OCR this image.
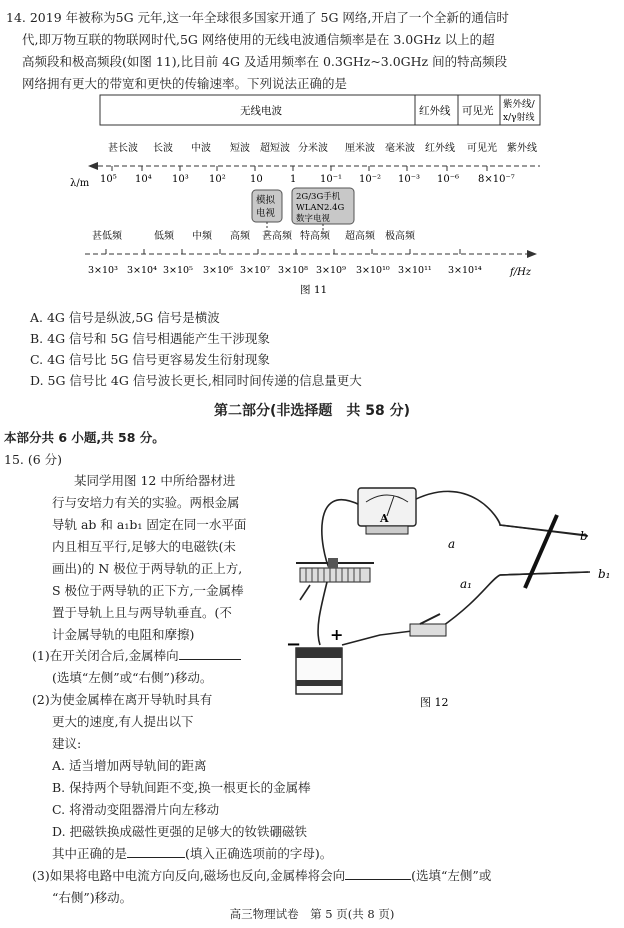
14. 2019 年被称为5G 元年,这一年全球很多国家开通了 5G 网络,开启了一个全新的通信时
代,即万物互联的物联网时代,5G 网络使用的无线电波通信频率是在 3.0GHz 以上的超
高频段和极高频段(如图 11),比目前 4G 及适用频率在 0.3GHz~3.0GHz 间的特高频段
网络拥有更大的带宽和更快的传输速率。下列说法正确的是
无线电波	红外线 可见光
紫外线/
x/γ射线
甚长波 长波 中波 短波 超短波 分米波 厘米波 毫米波 红外线 可见光 紫外线
λ/m 10⁵ 10⁴ 10³ 10² 10	1 10⁻¹ 10⁻² 10⁻³ 10⁻⁶ 8×10⁻⁷
模拟
电视
2G/3G手机
WLAN2.4G
数字电视
甚低频	低频 中频 高频 甚高频 特高频 超高频 极高频
3×10³ 3×10⁴ 3×10⁵ 3×10⁶ 3×10⁷ 3×10⁸ 3×10⁹ 3×10¹⁰ 3×10¹¹ 3×10¹⁴	f/Hz
图 11
A. 4G 信号是纵波,5G 信号是横波
B. 4G 信号和 5G 信号相遇能产生干涉现象
C. 4G 信号比 5G 信号更容易发生衍射现象
D. 5G 信号比 4G 信号波长更长,相同时间传递的信息量更大
第二部分(非选择题　共 58 分)
本部分共 6 小题,共 58 分。
15. (6 分)
某同学用图 12 中所给器材进
行与安培力有关的实验。两根金属
导轨 ab 和 a₁b₁ 固定在同一水平面
内且相互平行,足够大的电磁铁(未
画出)的 N 极位于两导轨的正上方,
S 极位于两导轨的正下方,一金属棒
置于导轨上且与两导轨垂直。(不
计金属导轨的电阻和摩擦)
(1)在开关闭合后,金属棒向
(选填“左侧”或“右侧”)移动。
(2)为使金属棒在离开导轨时具有
更大的速度,有人提出以下
建议:
A. 适当增加两导轨间的距离
B. 保持两个导轨间距不变,换一根更长的金属棒
C. 将滑动变阻器滑片向左移动
D. 把磁铁换成磁性更强的足够大的钕铁硼磁铁
其中正确的是	(填入正确选项前的字母)。
(3)如果将电路中电流方向反向,磁场也反向,金属棒将会向	(选填“左侧”或
“右侧”)移动。
A
− +
a
b
a₁
b₁
图 12
高三物理试卷　第 5 页(共 8 页)
